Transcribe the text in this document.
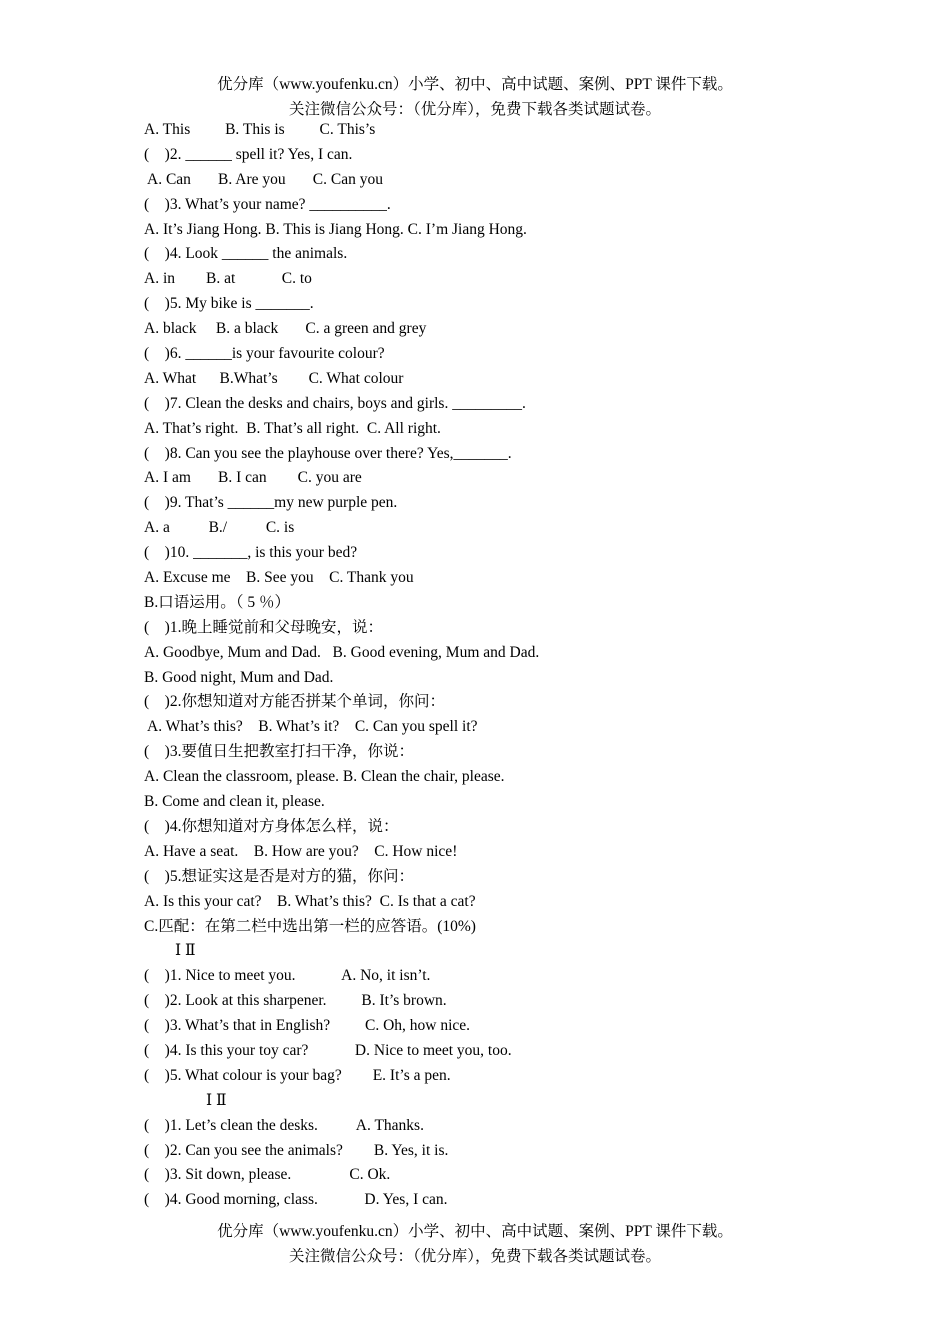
优分库（www.youfenku.cn）小学、初中、高中试题、案例、PPT 课件下载。
关注微信公众号：（优分库），免费下载各类试题试卷。
A. This         B. This is         C. This’s
(    )2. ______ spell it? Yes, I can.
A. Can       B. Are you       C. Can you
(    )3. What’s your name? __________.
A. It’s Jiang Hong. B. This is Jiang Hong. C. I’m Jiang Hong.
(    )4. Look ______ the animals.
A. in        B. at            C. to
(    )5. My bike is _______.
A. black     B. a black       C. a green and grey
(    )6. ______is your favourite colour?
A. What      B.What’s        C. What colour
(    )7. Clean the desks and chairs, boys and girls. _________.
A. That’s right.  B. That’s all right.  C. All right.
(    )8. Can you see the playhouse over there? Yes,_______.
A. I am       B. I can        C. you are
(    )9. That’s ______my new purple pen.
A. a          B./          C. is
(    )10. _______, is this your bed?
A. Excuse me    B. See you    C. Thank you
B.口语运用。（ 5 ％）
(    )1.晚上睡觉前和父母晚安，说：
A. Goodbye, Mum and Dad.   B. Good evening, Mum and Dad.
B. Good night, Mum and Dad.
(    )2.你想知道对方能否拼某个单词，你问：
A. What’s this?    B. What’s it?    C. Can you spell it?
(    )3.要值日生把教室打扫干净，你说：
A. Clean the classroom, please. B. Clean the chair, please.
B. Come and clean it, please.
(    )4.你想知道对方身体怎么样，说：
A. Have a seat.    B. How are you?    C. How nice!
(    )5.想证实这是否是对方的猫，你问：
A. Is this your cat?    B. What’s this?  C. Is that a cat?
C.匹配：在第二栏中选出第一栏的应答语。(10%)
Ⅰ Ⅱ
(    )1. Nice to meet you.            A. No, it isn’t.
(    )2. Look at this sharpener.         B. It’s brown.
(    )3. What’s that in English?         C. Oh, how nice.
(    )4. Is this your toy car?            D. Nice to meet you, too.
(    )5. What colour is your bag?        E. It’s a pen.
Ⅰ Ⅱ
(    )1. Let’s clean the desks.          A. Thanks.
(    )2. Can you see the animals?        B. Yes, it is.
(    )3. Sit down, please.               C. Ok.
(    )4. Good morning, class.            D. Yes, I can.
优分库（www.youfenku.cn）小学、初中、高中试题、案例、PPT 课件下载。
关注微信公众号：（优分库），免费下载各类试题试卷。
